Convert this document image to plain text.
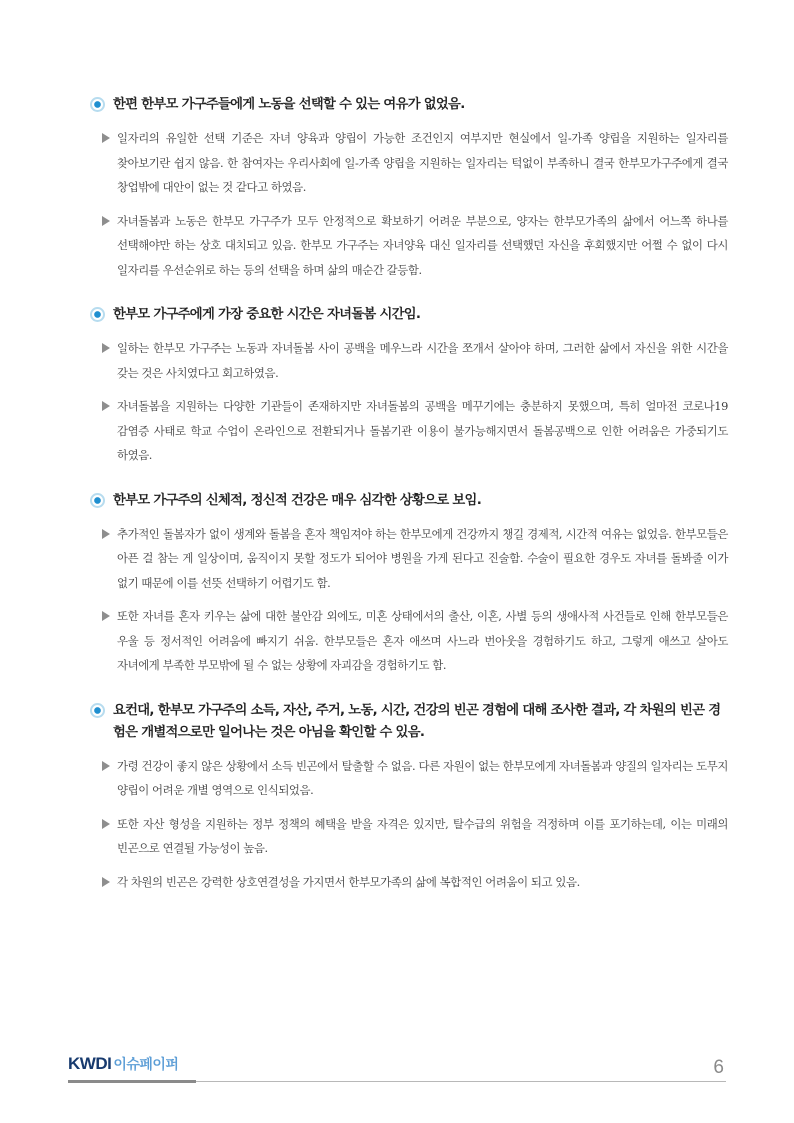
한편 한부모 가구주들에게 노동을 선택할 수 있는 여유가 없었음.
일자리의 유일한 선택 기준은 자녀 양육과 양립이 가능한 조건인지 여부지만 현실에서 일-가족 양립을 지원하는 일자리를 찾아보기란 쉽지 않음. 한 참여자는 우리사회에 일-가족 양립을 지원하는 일자리는 턱없이 부족하니 결국 한부모가구주에게 결국 창업밖에 대안이 없는 것 같다고 하였음.
자녀돌봄과 노동은 한부모 가구주가 모두 안정적으로 확보하기 어려운 부분으로, 양자는 한부모가족의 삶에서 어느쪽 하나를 선택해야만 하는 상호 대치되고 있음. 한부모 가구주는 자녀양육 대신 일자리를 선택했던 자신을 후회했지만 어쩔 수 없이 다시 일자리를 우선순위로 하는 등의 선택을 하며 삶의 매순간 갈등함.
한부모 가구주에게 가장 중요한 시간은 자녀돌봄 시간임.
일하는 한부모 가구주는 노동과 자녀돌봄 사이 공백을 메우느라 시간을 쪼개서 살아야 하며, 그러한 삶에서 자신을 위한 시간을 갖는 것은 사치였다고 회고하였음.
자녀돌봄을 지원하는 다양한 기관들이 존재하지만 자녀돌봄의 공백을 메꾸기에는 충분하지 못했으며, 특히 얼마전 코로나19 감염증 사태로 학교 수업이 온라인으로 전환되거나 돌봄기관 이용이 불가능해지면서 돌봄공백으로 인한 어려움은 가중되기도 하였음.
한부모 가구주의 신체적, 정신적 건강은 매우 심각한 상황으로 보임.
추가적인 돌봄자가 없이 생계와 돌봄을 혼자 책임져야 하는 한부모에게 건강까지 챙길 경제적, 시간적 여유는 없었음. 한부모들은 아픈 걸 참는 게 일상이며, 움직이지 못할 정도가 되어야 병원을 가게 된다고 진술함. 수술이 필요한 경우도 자녀를 돌봐줄 이가 없기 때문에 이를 선뜻 선택하기 어렵기도 함.
또한 자녀를 혼자 키우는 삶에 대한 불안감 외에도, 미혼 상태에서의 출산, 이혼, 사별 등의 생애사적 사건들로 인해 한부모들은 우울 등 정서적인 어려움에 빠지기 쉬움. 한부모들은 혼자 애쓰며 사느라 번아웃을 경험하기도 하고, 그렇게 애쓰고 살아도 자녀에게 부족한 부모밖에 될 수 없는 상황에 자괴감을 경험하기도 함.
요컨대, 한부모 가구주의 소득, 자산, 주거, 노동, 시간, 건강의 빈곤 경험에 대해 조사한 결과, 각 차원의 빈곤 경험은 개별적으로만 일어나는 것은 아님을 확인할 수 있음.
가령 건강이 좋지 않은 상황에서 소득 빈곤에서 탈출할 수 없음. 다른 자원이 없는 한부모에게 자녀돌봄과 양질의 일자리는 도무지 양립이 어려운 개별 영역으로 인식되었음.
또한 자산 형성을 지원하는 정부 정책의 혜택을 받을 자격은 있지만, 탈수급의 위험을 걱정하며 이를 포기하는데, 이는 미래의 빈곤으로 연결될 가능성이 높음.
각 차원의 빈곤은 강력한 상호연결성을 가지면서 한부모가족의 삶에 복합적인 어려움이 되고 있음.
KWDI 이슈페이퍼	6
